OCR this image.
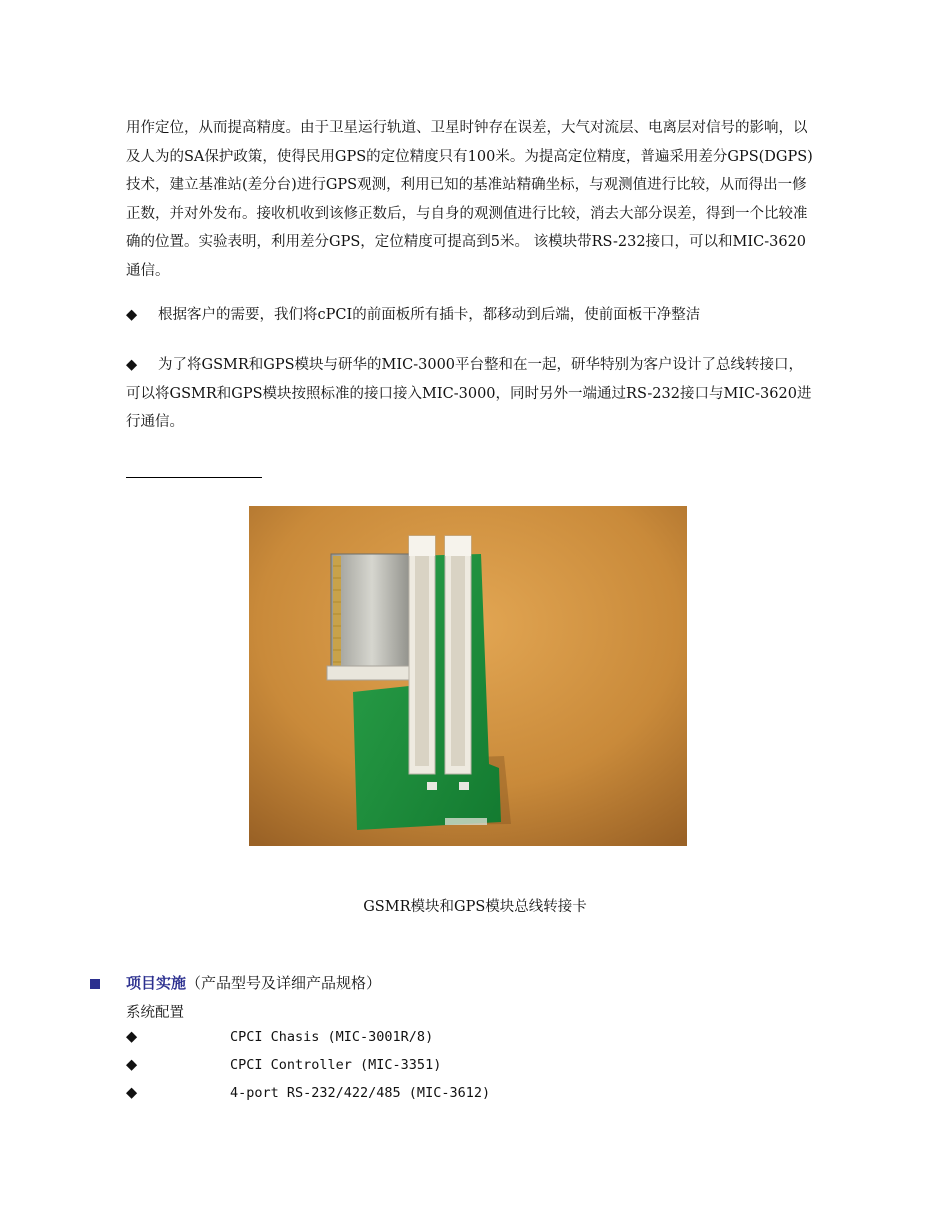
用作定位，从而提高精度。由于卫星运行轨道、卫星时钟存在误差，大气对流层、电离层对信号的影响，以及人为的SA保护政策，使得民用GPS的定位精度只有100米。为提高定位精度，普遍采用差分GPS(DGPS)技术，建立基准站(差分台)进行GPS观测，利用已知的基准站精确坐标，与观测值进行比较，从而得出一修正数，并对外发布。接收机收到该修正数后，与自身的观测值进行比较，消去大部分误差，得到一个比较准确的位置。实验表明，利用差分GPS，定位精度可提高到5米。 该模块带RS-232接口，可以和MIC-3620通信。

◆ 根据客户的需要，我们将cPCI的前面板所有插卡，都移动到后端，使前面板干净整洁

◆ 为了将GSMR和GPS模块与研华的MIC-3000平台整和在一起，研华特别为客户设计了总线转接口，可以将GSMR和GPS模块按照标准的接口接入MIC-3000，同时另外一端通过RS-232接口与MIC-3620进行通信。

GSMR模块和GPS模块总线转接卡
项目实施（产品型号及详细产品规格）
系统配置
◆	CPCI Chasis (MIC-3001R/8)
◆	CPCI Controller (MIC-3351)
◆	4-port RS-232/422/485 (MIC-3612)
